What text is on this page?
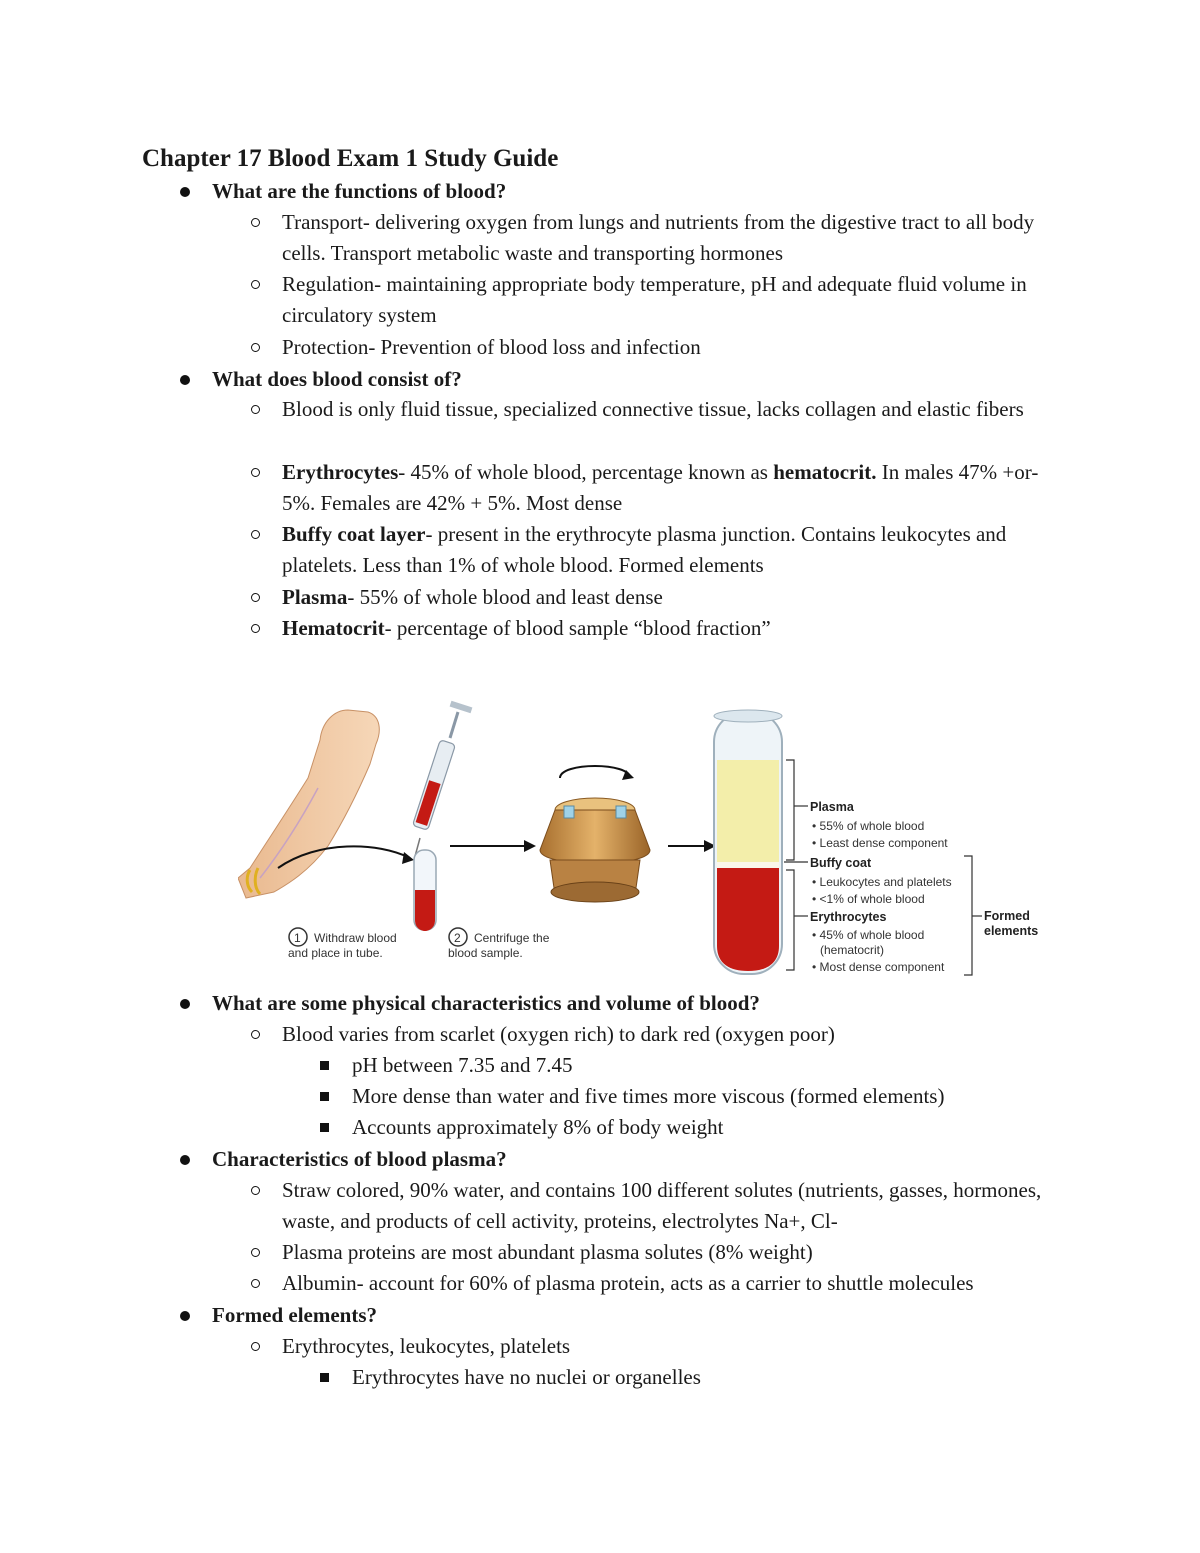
Chapter 17 Blood Exam 1 Study Guide

What are the functions of blood?

Transport- delivering oxygen from lungs and nutrients from the digestive tract to all body cells. Transport metabolic waste and transporting hormones

Regulation- maintaining appropriate body temperature, pH and adequate fluid volume in circulatory system

Protection- Prevention of blood loss and infection

What does blood consist of?

Blood is only fluid tissue, specialized connective tissue, lacks collagen and elastic fibers

Erythrocytes- 45% of whole blood, percentage known as hematocrit. In males 47% +or- 5%. Females are 42% + 5%. Most dense

Buffy coat layer- present in the erythrocyte plasma junction. Contains leukocytes and platelets. Less than 1% of whole blood. Formed elements

Plasma- 55% of whole blood and least dense

Hematocrit- percentage of blood sample “blood fraction”

1 Withdraw blood
and place in tube.
2 Centrifuge the
blood sample.
Plasma
• 55% of whole blood
• Least dense component
Buffy coat
• Leukocytes and platelets
• <1% of whole blood
Erythrocytes
• 45% of whole blood
(hematocrit)
• Most dense component
Formed
elements

What are some physical characteristics and volume of blood?

Blood varies from scarlet (oxygen rich) to dark red (oxygen poor)

pH between 7.35 and 7.45

More dense than water and five times more viscous (formed elements)

Accounts approximately 8% of body weight

Characteristics of blood plasma?

Straw colored, 90% water, and contains 100 different solutes (nutrients, gasses, hormones, waste, and products of cell activity, proteins, electrolytes Na+, Cl-

Plasma proteins are most abundant plasma solutes (8% weight)

Albumin- account for 60% of plasma protein, acts as a carrier to shuttle molecules

Formed elements?

Erythrocytes, leukocytes, platelets

Erythrocytes have no nuclei or organelles
